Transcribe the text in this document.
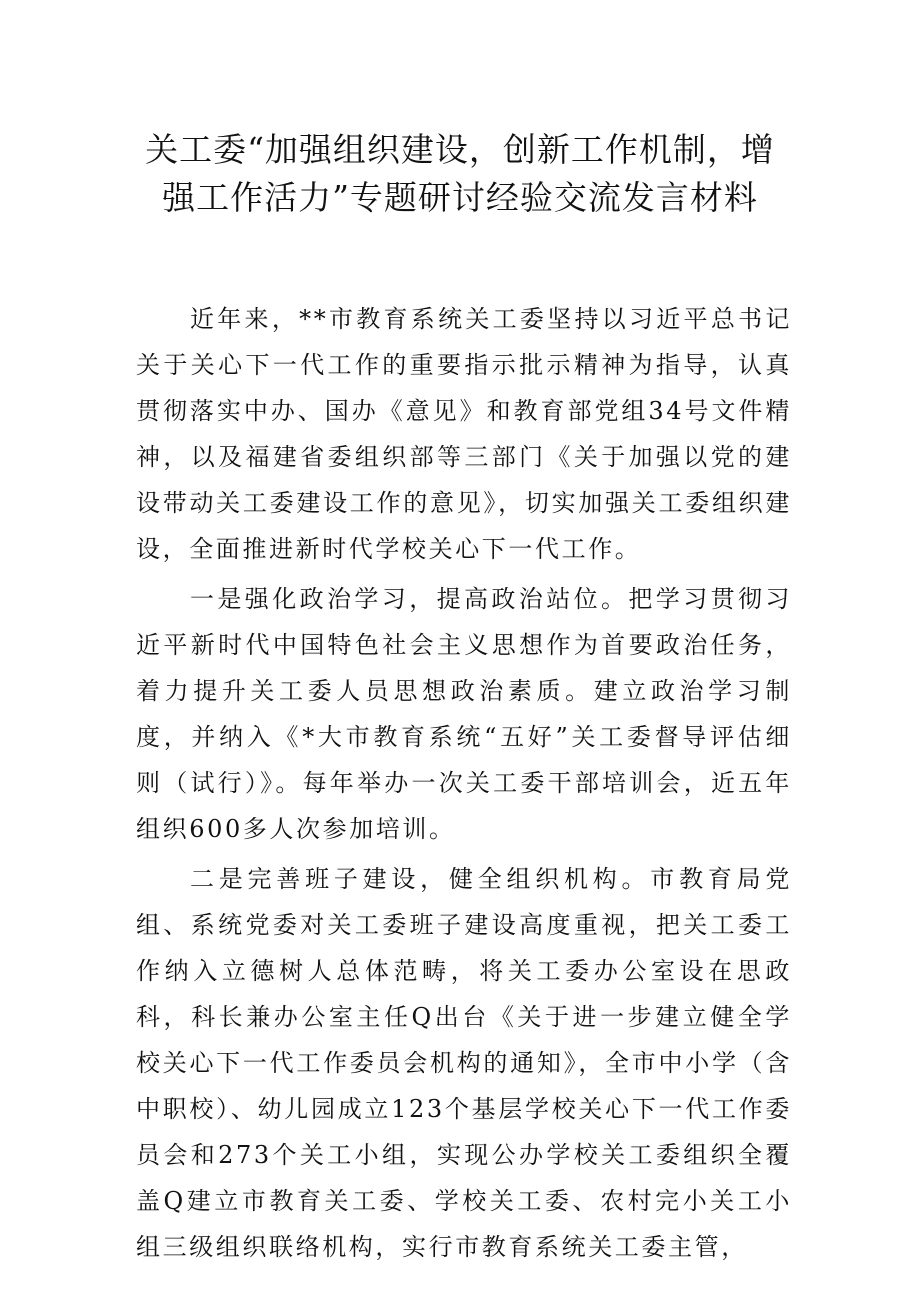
关工委“加强组织建设，创新工作机制，增
强工作活力”专题研讨经验交流发言材料

近年来，**市教育系统关工委坚持以习近平总书记关于关心下一代工作的重要指示批示精神为指导，认真贯彻落实中办、国办《意见》和教育部党组34号文件精神，以及福建省委组织部等三部门《关于加强以党的建设带动关工委建设工作的意见》，切实加强关工委组织建设，全面推进新时代学校关心下一代工作。

一是强化政治学习，提高政治站位。把学习贯彻习近平新时代中国特色社会主义思想作为首要政治任务，着力提升关工委人员思想政治素质。建立政治学习制度，并纳入《*大市教育系统“五好”关工委督导评估细则（试行）》。每年举办一次关工委干部培训会，近五年组织600多人次参加培训。

二是完善班子建设，健全组织机构。市教育局党组、系统党委对关工委班子建设高度重视，把关工委工作纳入立德树人总体范畴，将关工委办公室设在思政科，科长兼办公室主任Q出台《关于进一步建立健全学校关心下一代工作委员会机构的通知》，全市中小学（含中职校）、幼儿园成立123个基层学校关心下一代工作委员会和273个关工小组，实现公办学校关工委组织全覆盖Q建立市教育关工委、学校关工委、农村完小关工小组三级组织联络机构，实行市教育系统关工委主管，
